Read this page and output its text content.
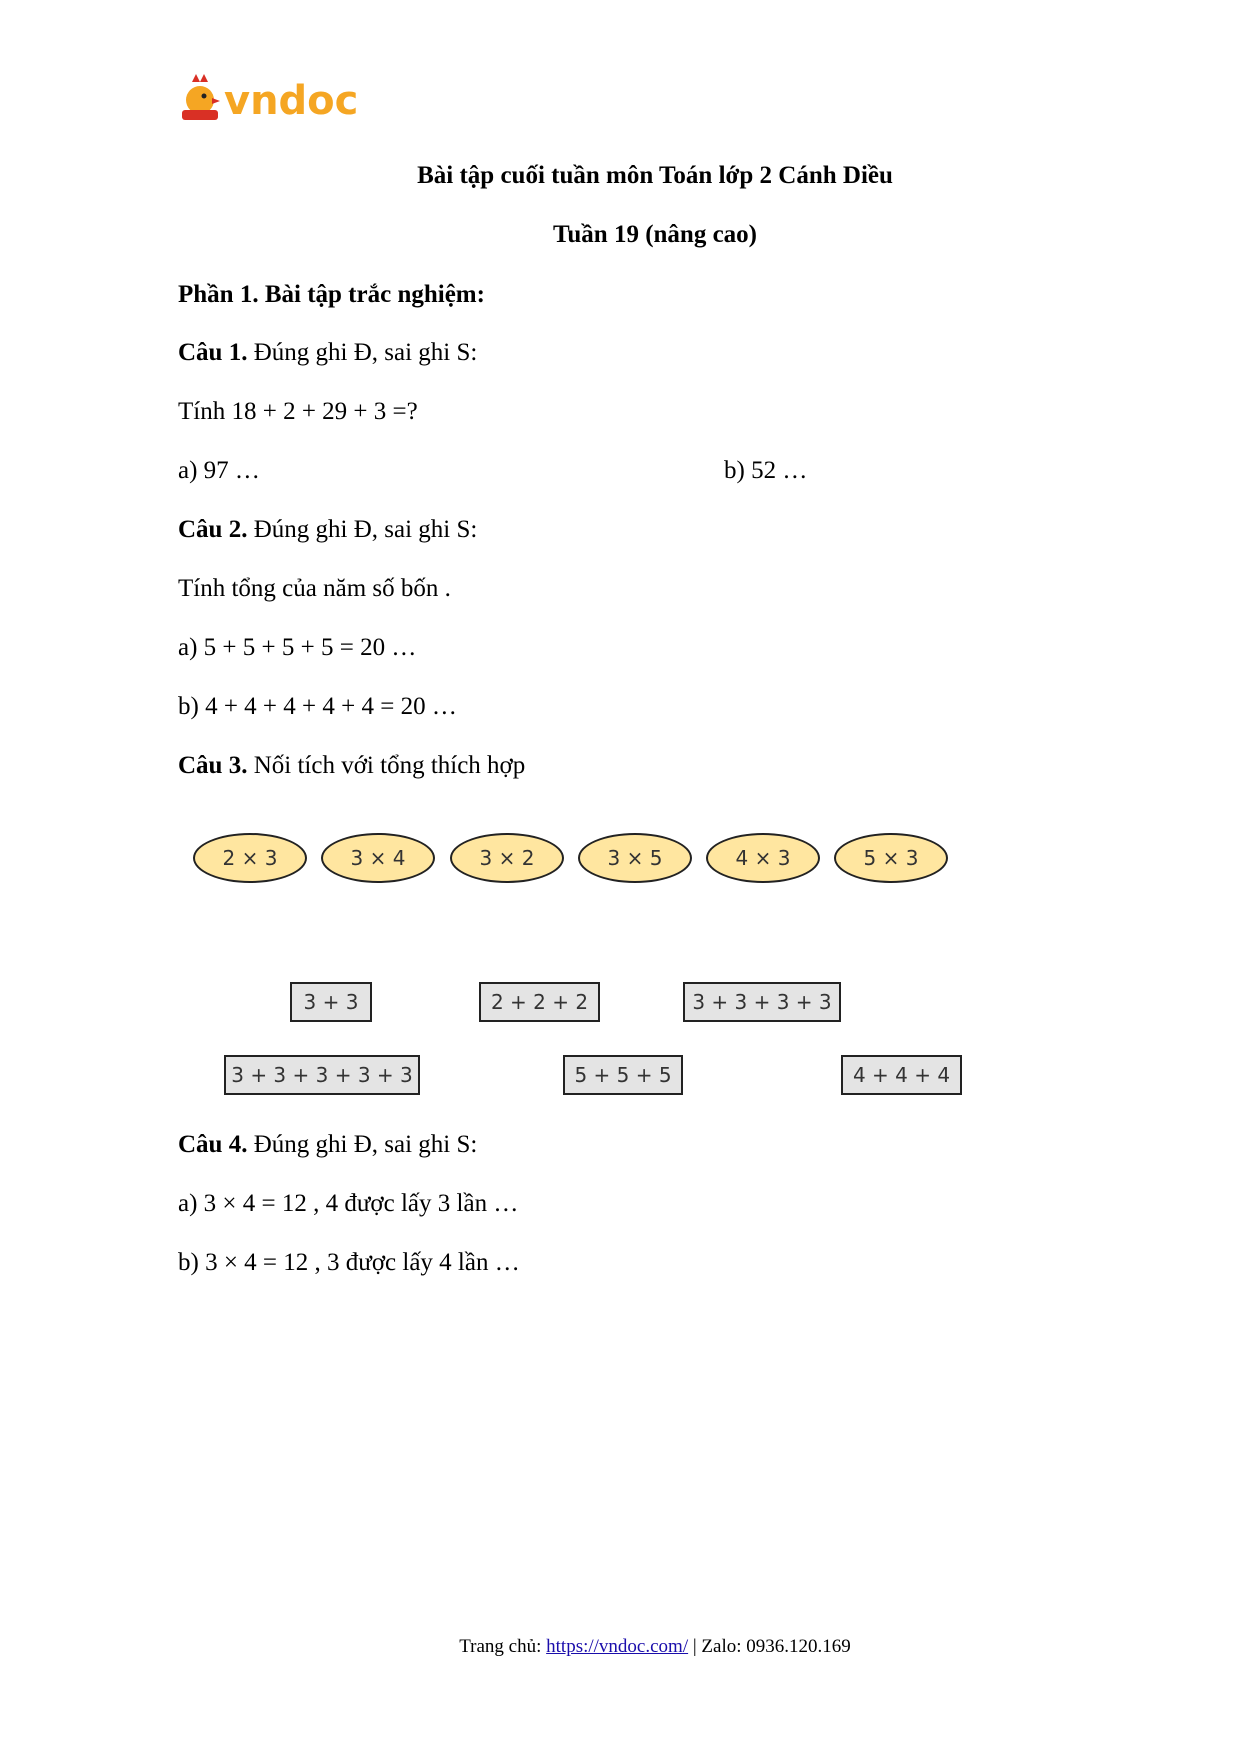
vndoc
Bài tập cuối tuần môn Toán lớp 2 Cánh Diều
Tuần 19 (nâng cao)
Phần 1. Bài tập trắc nghiệm:
Câu 1. Đúng ghi Đ, sai ghi S:
Tính 18 + 2 + 29 + 3 =?
a) 97 …	b) 52 …
Câu 2. Đúng ghi Đ, sai ghi S:
Tính tổng của năm số bốn .
a) 5 + 5 + 5 + 5 = 20 …
b) 4 + 4 + 4 + 4 + 4 = 20 …
Câu 3. Nối tích với tổng thích hợp
2 × 3	3 × 4	3 × 2	3 × 5	4 × 3	5 × 3
3 + 3	2 + 2 + 2	3 + 3 + 3 + 3
3 + 3 + 3 + 3 + 3	5 + 5 + 5	4 + 4 + 4
Câu 4. Đúng ghi Đ, sai ghi S:
a) 3 × 4 = 12 , 4 được lấy 3 lần …
b) 3 × 4 = 12 , 3 được lấy 4 lần …
Trang chủ: https://vndoc.com/ | Zalo: 0936.120.169
